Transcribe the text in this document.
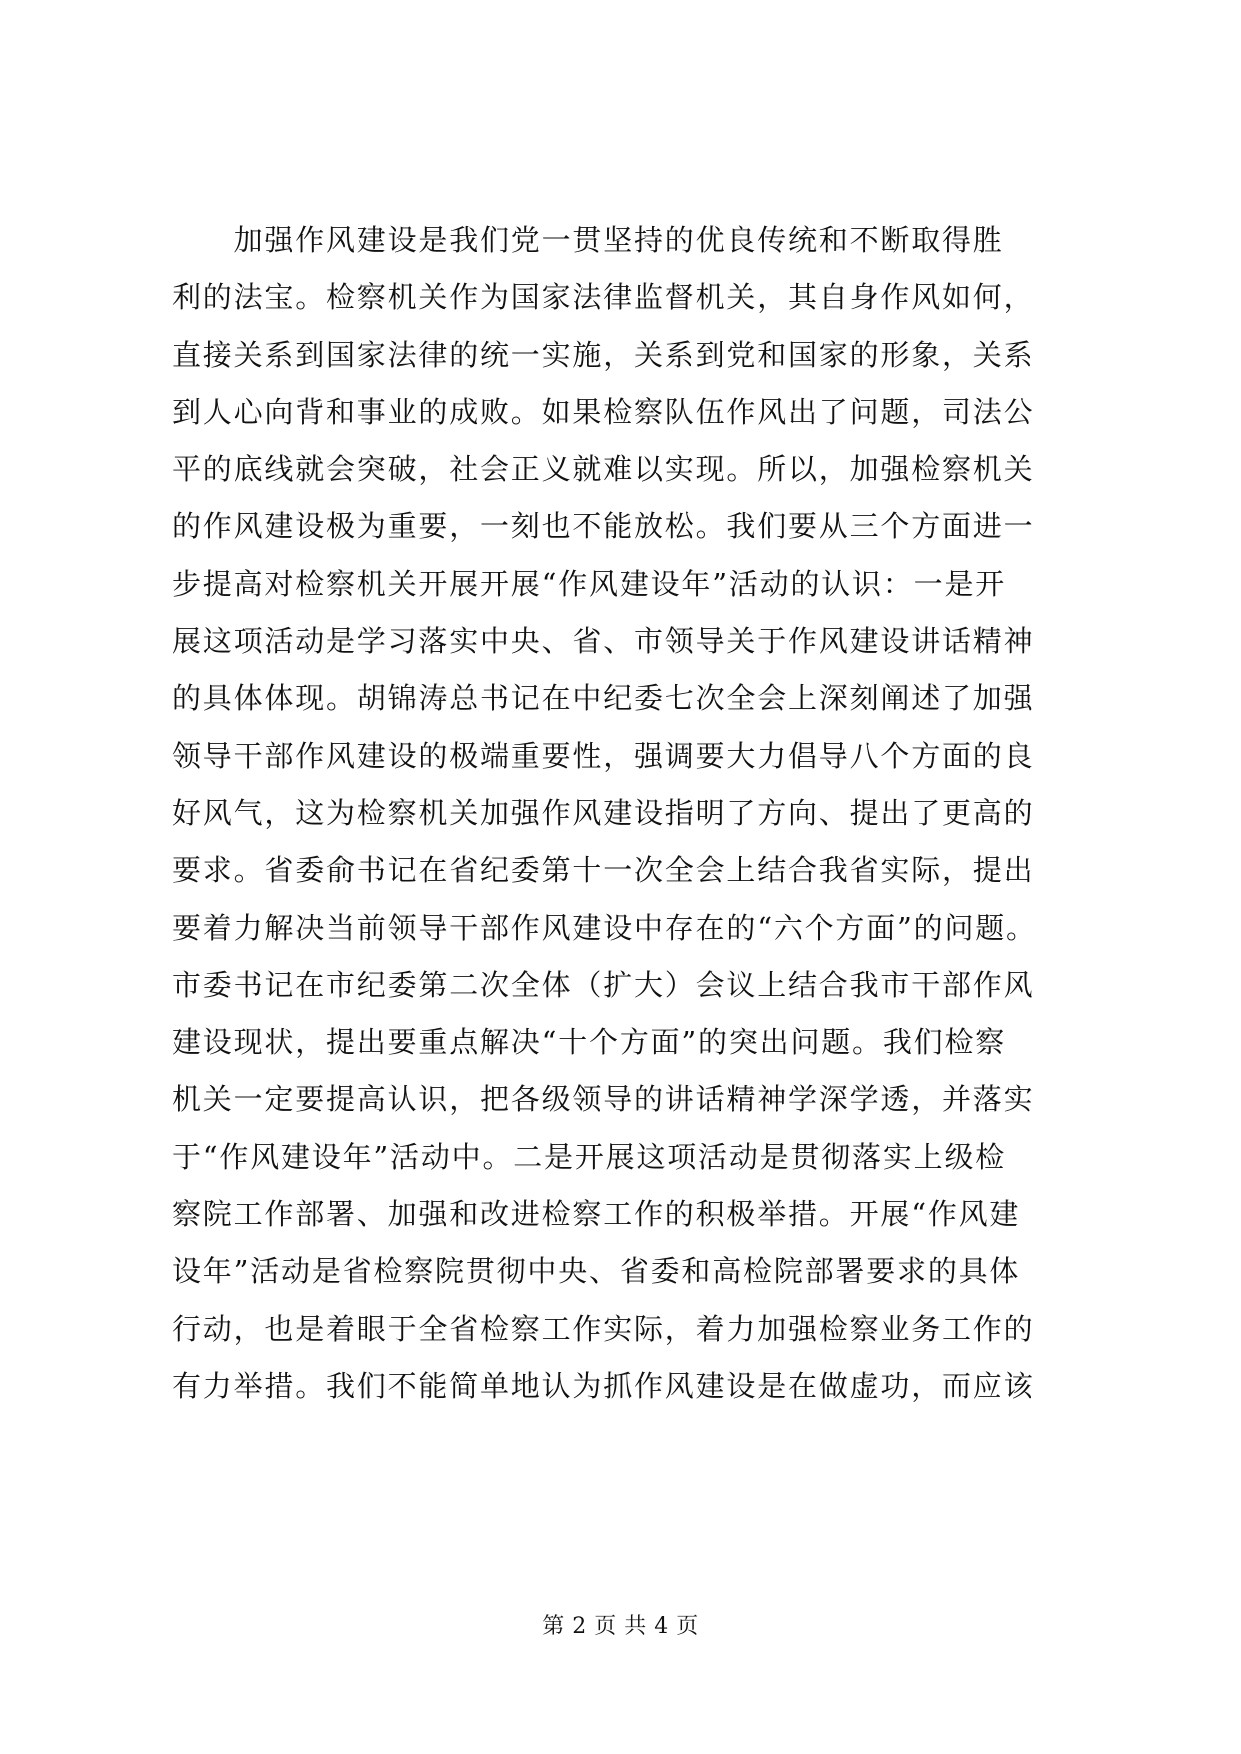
　　加强作风建设是我们党一贯坚持的优良传统和不断取得胜
利的法宝。检察机关作为国家法律监督机关，其自身作风如何，
直接关系到国家法律的统一实施，关系到党和国家的形象，关系
到人心向背和事业的成败。如果检察队伍作风出了问题，司法公
平的底线就会突破，社会正义就难以实现。所以，加强检察机关
的作风建设极为重要，一刻也不能放松。我们要从三个方面进一
步提高对检察机关开展开展“作风建设年”活动的认识：一是开
展这项活动是学习落实中央、省、市领导关于作风建设讲话精神
的具体体现。胡锦涛总书记在中纪委七次全会上深刻阐述了加强
领导干部作风建设的极端重要性，强调要大力倡导八个方面的良
好风气，这为检察机关加强作风建设指明了方向、提出了更高的
要求。省委俞书记在省纪委第十一次全会上结合我省实际，提出
要着力解决当前领导干部作风建设中存在的“六个方面”的问题。
市委书记在市纪委第二次全体（扩大）会议上结合我市干部作风
建设现状，提出要重点解决“十个方面”的突出问题。我们检察
机关一定要提高认识，把各级领导的讲话精神学深学透，并落实
于“作风建设年”活动中。二是开展这项活动是贯彻落实上级检
察院工作部署、加强和改进检察工作的积极举措。开展“作风建
设年”活动是省检察院贯彻中央、省委和高检院部署要求的具体
行动，也是着眼于全省检察工作实际，着力加强检察业务工作的
有力举措。我们不能简单地认为抓作风建设是在做虚功，而应该
第 2 页 共 4 页
